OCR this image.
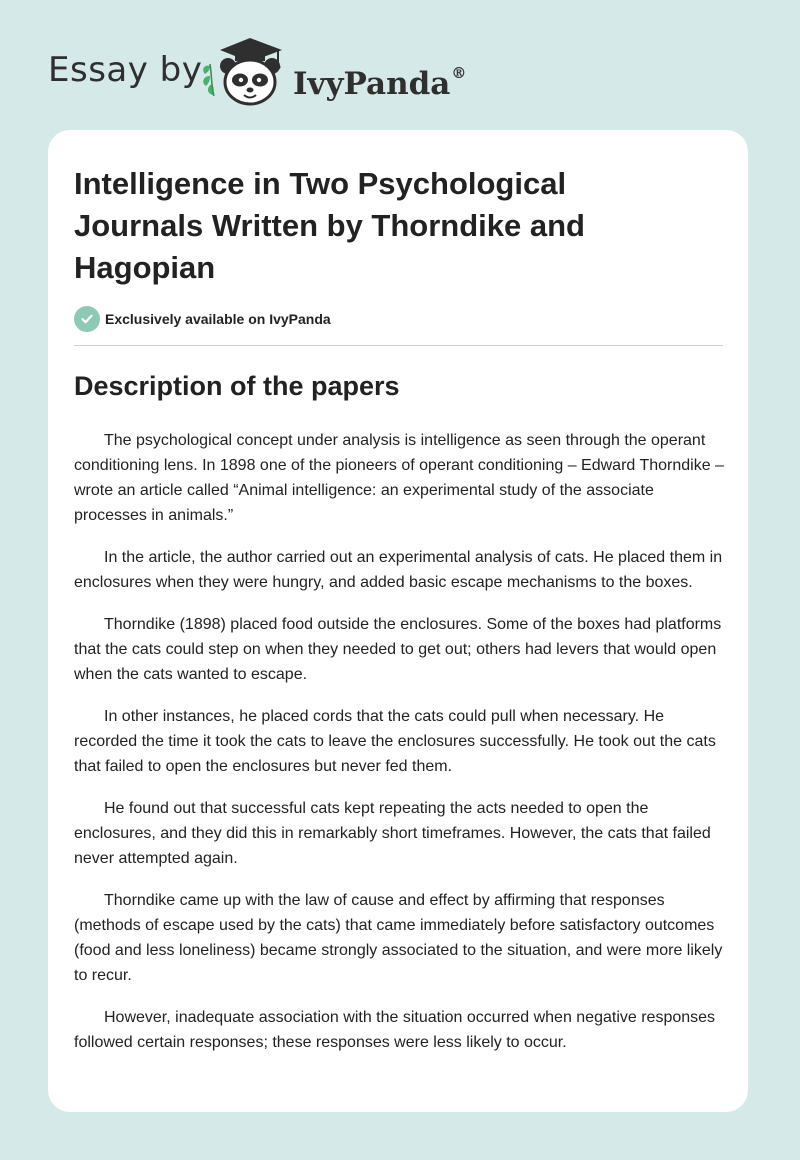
Essay by	IvyPanda®
Intelligence in Two Psychological Journals Written by Thorndike and Hagopian
Exclusively available on IvyPanda
Description of the papers

The psychological concept under analysis is intelligence as seen through the operant conditioning lens. In 1898 one of the pioneers of operant conditioning – Edward Thorndike – wrote an article called “Animal intelligence: an experimental study of the associate processes in animals.”

In the article, the author carried out an experimental analysis of cats. He placed them in enclosures when they were hungry, and added basic escape mechanisms to the boxes.

Thorndike (1898) placed food outside the enclosures. Some of the boxes had platforms that the cats could step on when they needed to get out; others had levers that would open when the cats wanted to escape.

In other instances, he placed cords that the cats could pull when necessary. He recorded the time it took the cats to leave the enclosures successfully. He took out the cats that failed to open the enclosures but never fed them.

He found out that successful cats kept repeating the acts needed to open the enclosures, and they did this in remarkably short timeframes. However, the cats that failed never attempted again.

Thorndike came up with the law of cause and effect by affirming that responses (methods of escape used by the cats) that came immediately before satisfactory outcomes (food and less loneliness) became strongly associated to the situation, and were more likely to recur.

However, inadequate association with the situation occurred when negative responses followed certain responses; these responses were less likely to occur.
